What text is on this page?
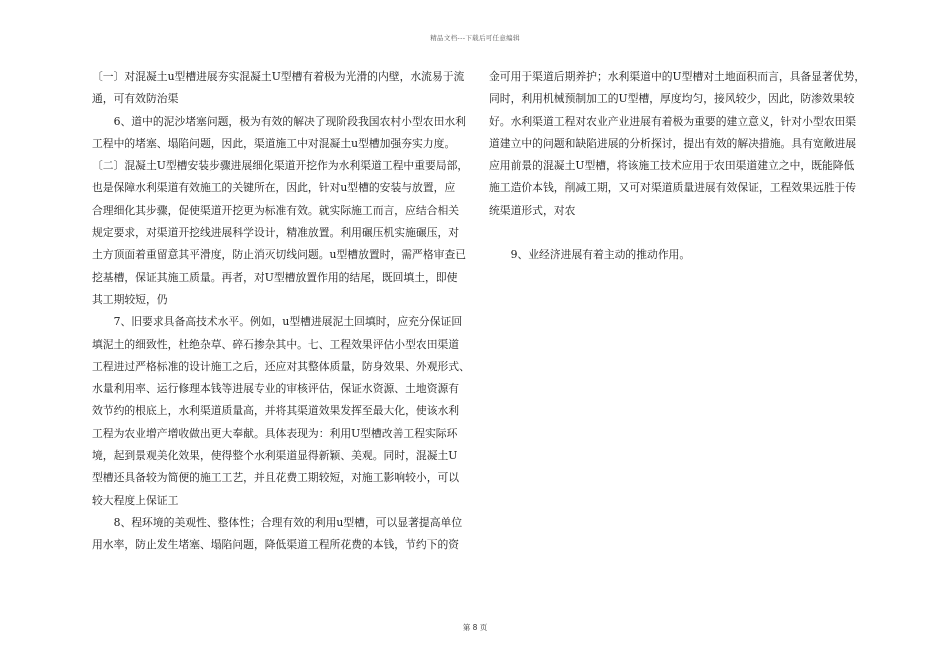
精品文档---下载后可任意编辑
〔一〕对混凝土u型槽进展夯实混凝土U型槽有着极为光滑的内壁，水流易于流
通，可有效防治渠
　　6、道中的泥沙堵塞问题，极为有效的解决了现阶段我国农村小型农田水利
工程中的堵塞、塌陷问题，因此，渠道施工中对混凝土u型槽加强夯实力度。
〔二〕混凝土U型槽安装步骤进展细化渠道开挖作为水利渠道工程中重要局部，
也是保障水利渠道有效施工的关键所在，因此，针对u型槽的安装与放置，应
合理细化其步骤，促使渠道开挖更为标准有效。就实际施工而言，应结合相关
规定要求，对渠道开挖线进展科学设计，精准放置。利用碾压机实施碾压，对
土方顶面着重留意其平滑度，防止消灭切线问题。u型槽放置时，需严格审查已
挖基槽，保证其施工质量。再者，对U型槽放置作用的结尾，既回填土，即使
其工期较短，仍
　　7、旧要求具备高技术水平。例如，u型槽进展泥土回填时，应充分保证回
填泥土的细致性，杜绝杂草、碎石掺杂其中。七、工程效果评估小型农田渠道
工程进过严格标准的设计施工之后，还应对其整体质量，防身效果、外观形式、
水量利用率、运行修理本钱等进展专业的审核评估，保证水资源、土地资源有
效节约的根底上，水利渠道质量高，并将其渠道效果发挥至最大化，使该水利
工程为农业增产增收做出更大奉献。具体表现为：利用U型槽改善工程实际环
境，起到景观美化效果，使得整个水利渠道显得新颖、美观。同时，混凝土U
型槽还具备较为简便的施工工艺，并且花费工期较短，对施工影响较小，可以
较大程度上保证工
　　8、程环境的美观性、整体性；合理有效的利用u型槽，可以显著提高单位
用水率，防止发生堵塞、塌陷问题，降低渠道工程所花费的本钱，节约下的资
金可用于渠道后期养护；水利渠道中的U型槽对土地面积而言，具备显著优势，
同时，利用机械预制加工的U型槽，厚度均匀，接风较少，因此，防渗效果较
好。水利渠道工程对农业产业进展有着极为重要的建立意义，针对小型农田渠
道建立中的问题和缺陷进展的分析探讨，提出有效的解决措施。具有宽敞进展
应用前景的混凝土U型槽，将该施工技术应用于农田渠道建立之中，既能降低
施工造价本钱，削减工期，又可对渠道质量进展有效保证，工程效果远胜于传
统渠道形式，对农
　　9、业经济进展有着主动的推动作用。
第 8 页
